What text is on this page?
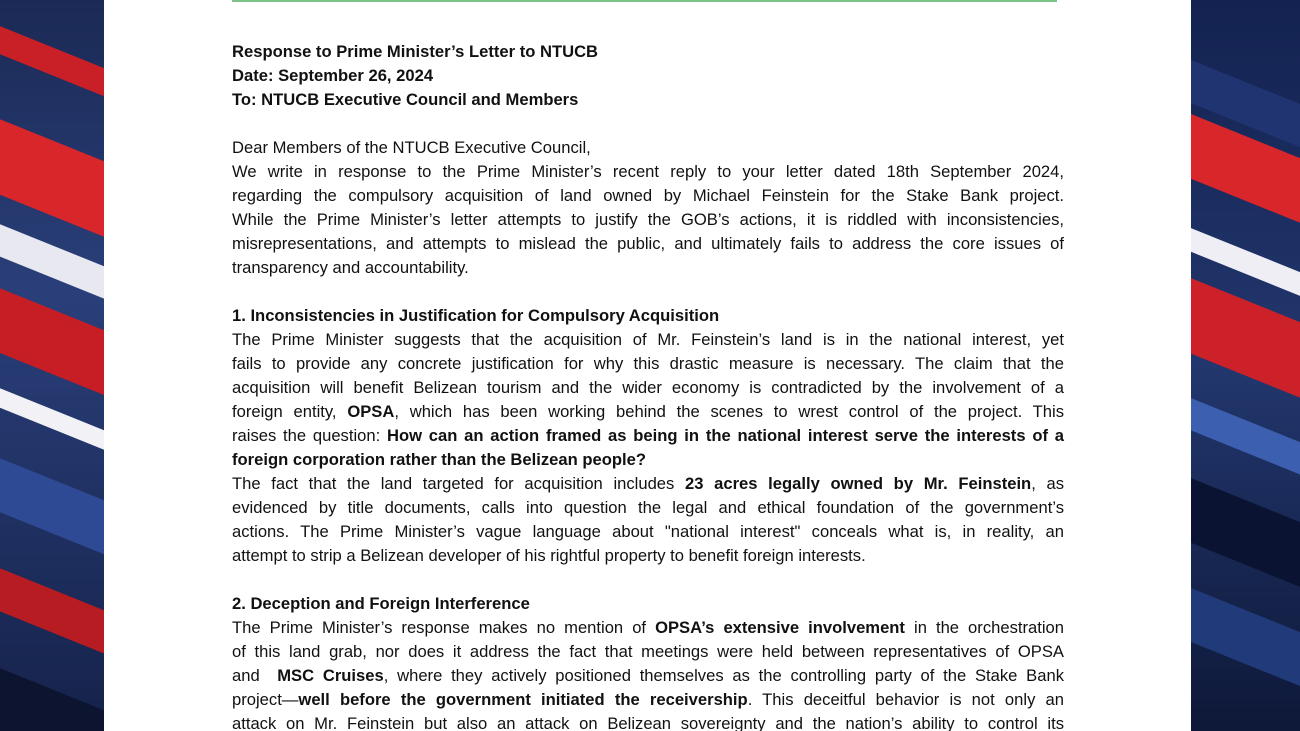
Response to Prime Minister’s Letter to NTUCB

Date: September 26, 2024

To: NTUCB Executive Council and Members

Dear Members of the NTUCB Executive Council,

We write in response to the Prime Minister’s recent reply to your letter dated 18th September 2024,

regarding the compulsory acquisition of land owned by Michael Feinstein for the Stake Bank project.

While the Prime Minister’s letter attempts to justify the GOB’s actions, it is riddled with inconsistencies,

misrepresentations, and attempts to mislead the public, and ultimately fails to address the core issues of

transparency and accountability.

1. Inconsistencies in Justification for Compulsory Acquisition

The Prime Minister suggests that the acquisition of Mr. Feinstein’s land is in the national interest, yet

fails to provide any concrete justification for why this drastic measure is necessary. The claim that the

acquisition will benefit Belizean tourism and the wider economy is contradicted by the involvement of a

foreign entity, OPSA, which has been working behind the scenes to wrest control of the project. This

raises the question: How can an action framed as being in the national interest serve the interests of a

foreign corporation rather than the Belizean people?

The fact that the land targeted for acquisition includes 23 acres legally owned by Mr. Feinstein, as

evidenced by title documents, calls into question the legal and ethical foundation of the government’s

actions. The Prime Minister’s vague language about "national interest" conceals what is, in reality, an

attempt to strip a Belizean developer of his rightful property to benefit foreign interests.

2. Deception and Foreign Interference

The Prime Minister’s response makes no mention of OPSA’s extensive involvement in the orchestration

of this land grab, nor does it address the fact that meetings were held between representatives of OPSA

and  MSC Cruises, where they actively positioned themselves as the controlling party of the Stake Bank

project—well before the government initiated the receivership. This deceitful behavior is not only an

attack on Mr. Feinstein but also an attack on Belizean sovereignty and the nation’s ability to control its
